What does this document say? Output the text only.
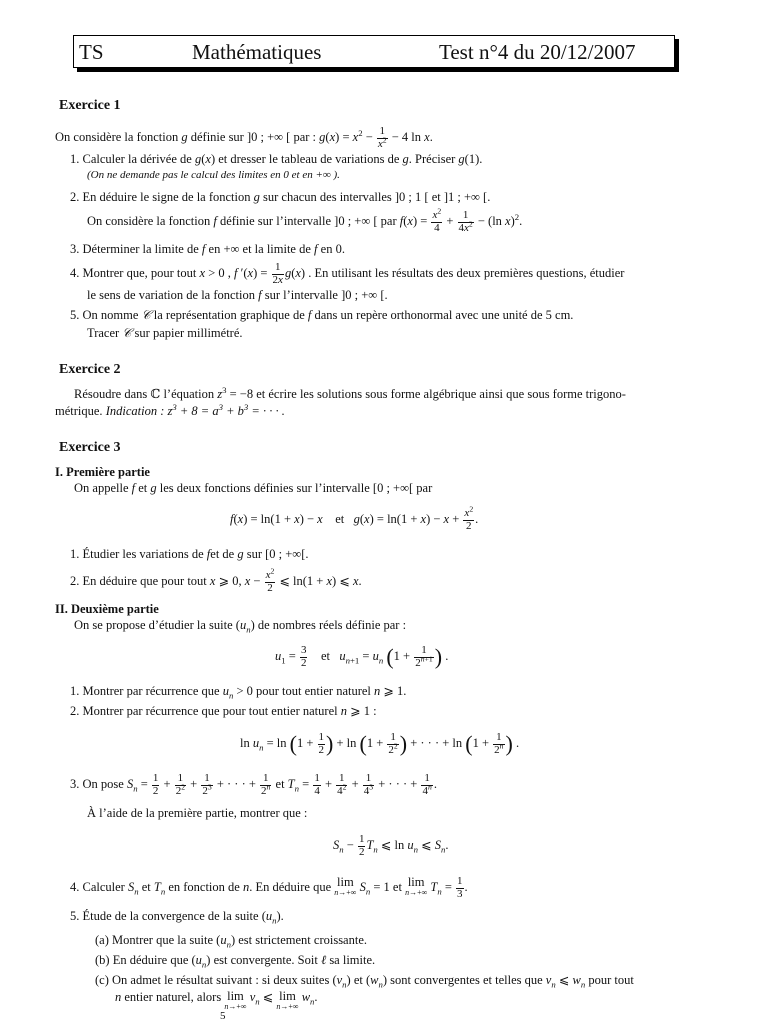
TS	Mathématiques	Test n°4 du 20/12/2007
Exercice 1
On considère la fonction g définie sur ]0 ; +∞ [ par : $g(x) = x^2 - \frac{1}{x^2} - 4$ ln x.
1. Calculer la dérivée de g(x) et dresser le tableau de variations de g. Préciser g(1).
(On ne demande pas le calcul des limites en 0 et en +∞ ).
2. En déduire le signe de la fonction g sur chacun des intervalles ]0 ; 1 [ et ]1 ; +∞ [.
On considère la fonction f définie sur l’intervalle ]0 ; +∞ [ par $f(x) = \frac{x^2}{4} + \frac{1}{4x^2} - (\ln$ x)$^2$.
3. Déterminer la limite de f en +∞ et la limite de f en 0.
4. Montrer que, pour tout x > 0 , f $'(x) = \frac{1}{2x} g(x)$ . En utilisant les résultats des deux premières questions, étudier
le sens de variation de la fonction f sur l’intervalle ]0 ; +∞ [.
5. On nomme 𝒞 la représentation graphique de f dans un repère orthonormal avec une unité de 5 cm.
Tracer 𝒞 sur papier millimétré.
Exercice 2
Résoudre dans ℂ l’équation $z^3 = -8$ et écrire les solutions sous forme algébrique ainsi que sous forme trigono-
métrique. Indication : $z^3 + 8 = a^3 + b^3$ = · · · .
Exercice 3
I. Première partie
On appelle f et g les deux fonctions définies sur l’intervalle [0 ; +∞[ par
f(x) = ln(1 + x) − x    et   $g(x) = \ln(1 + x) - x + \frac{x^2}{2}$ .
1. Étudier les variations de fet de g sur [0 ; +∞[.
2. En déduire que pour tout x ⩾ 0, $x - \frac{x^2}{2}$ ⩽ ln(1 + x) ⩽ x.
II. Deuxième partie
On se propose d’étudier la suite $(u_n)$ de nombres réels définie par :
$u_1 = \frac{3}{2}$ et   $u_{n+1} = u_n$ ($1 + \frac{1}{2^{n+1}}$ ) .
1. Montrer par récurrence que $u_n > 0$ pour tout entier naturel n ⩾ 1.
2. Montrer par récurrence que pour tout entier naturel n ⩾ 1 :
$\ln u_n = \ln (1 + \frac{1}{2}$ ) + $\ln (1 + \frac{1}{2^2}$ ) + · · · + $\ln (1 + \frac{1}{2^n}$ ) .
3. On pose $S_n = \frac{1}{2} + \frac{1}{2^2} + \frac{1}{2^3}$ + · · · + $\frac{1}{2^n}$ et $T_n = \frac{1}{4} + \frac{1}{4^2} + \frac{1}{4^3}$ + · · · + $\frac{1}{4^n}$ .
À l’aide de la première partie, montrer que :
$S_n - \frac{1}{2} T_n$ ⩽ $\ln u_n$ ⩽ $S_n$.
4. Calculer $S_n$ et $T_n$ en fonction de n. En déduire que lim
n→+∞ $S_n = 1$ et lim
n→+∞ $T_n = \frac{1}{3}$ .
5. Étude de la convergence de la suite $(u_n)$.
(a) Montrer que la suite $(u_n)$ est strictement croissante.
(b) En déduire que $(u_n)$ est convergente. Soit ℓ sa limite.
(c) On admet le résultat suivant : si deux suites $(v_n)$ et $(w_n)$ sont convergentes et telles que $v_n$ ⩽ $w_n$ pour tout
n entier naturel, alors lim
n→+∞
$v_n$ ⩽ lim
n→+∞
$w_n$.
5
